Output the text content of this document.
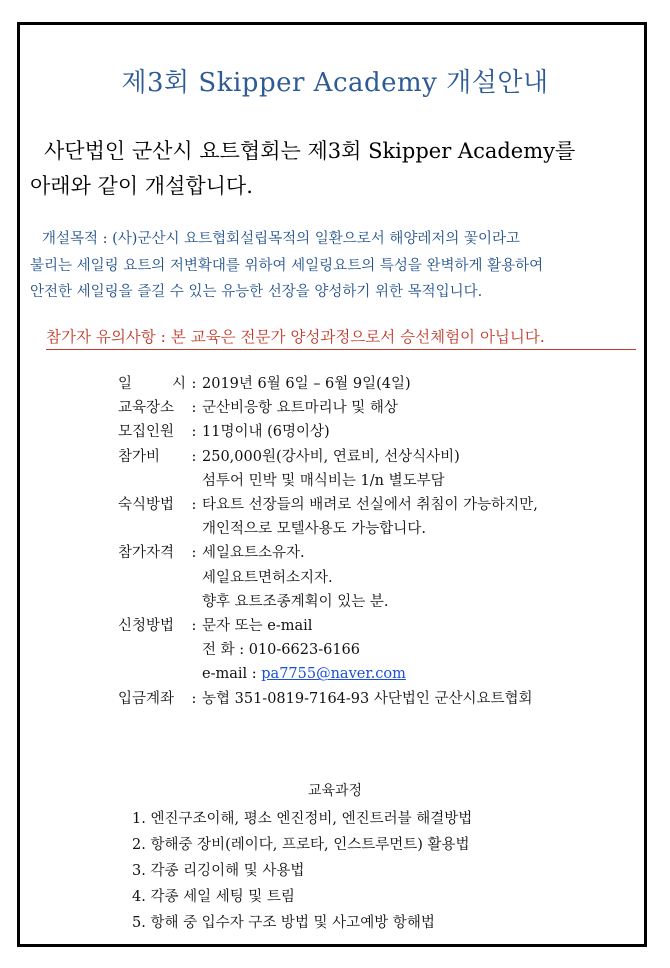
제3회 Skipper Academy 개설안내
사단법인 군산시 요트협회는 제3회 Skipper Academy를
아래와 같이 개설합니다.
개설목적 : (사)군산시 요트협회설립목적의 일환으로서 해양레저의 꽃이라고
불리는 세일링 요트의 저변확대를 위하여 세일링요트의 특성을 완벽하게 활용하여
안전한 세일링을 즐길 수 있는 유능한 선장을 양성하기 위한 목적입니다.
참가자 유의사항 : 본 교육은 전문가 양성과정으로서 승선체험이 아닙니다.
일 시 : 2019년 6월 6일 – 6월 9일(4일)
교육장소	: 군산비응항 요트마리나 및 해상
모집인원	: 11명이내 (6명이상)
참가비	: 250,000원(강사비, 연료비, 선상식사비)
섬투어 민박 및 매식비는 1/n 별도부담
숙식방법	: 타요트 선장들의 배려로 선실에서 취침이 가능하지만,
개인적으로 모텔사용도 가능합니다.
참가자격	: 세일요트소유자.
세일요트면허소지자.
향후 요트조종계획이 있는 분.
신청방법	: 문자 또는 e-mail
전 화 : 010-6623-6166
e-mail : pa7755@naver.com
입금계좌	: 농협 351-0819-7164-93 사단법인 군산시요트협회
교육과정
1. 엔진구조이해, 평소 엔진정비, 엔진트러블 해결방법
2. 항해중 장비(레이다, 프로타, 인스트루먼트) 활용법
3. 각종 리깅이해 및 사용법
4. 각종 세일 세팅 및 트림
5. 항해 중 입수자 구조 방법 및 사고예방 항해법
